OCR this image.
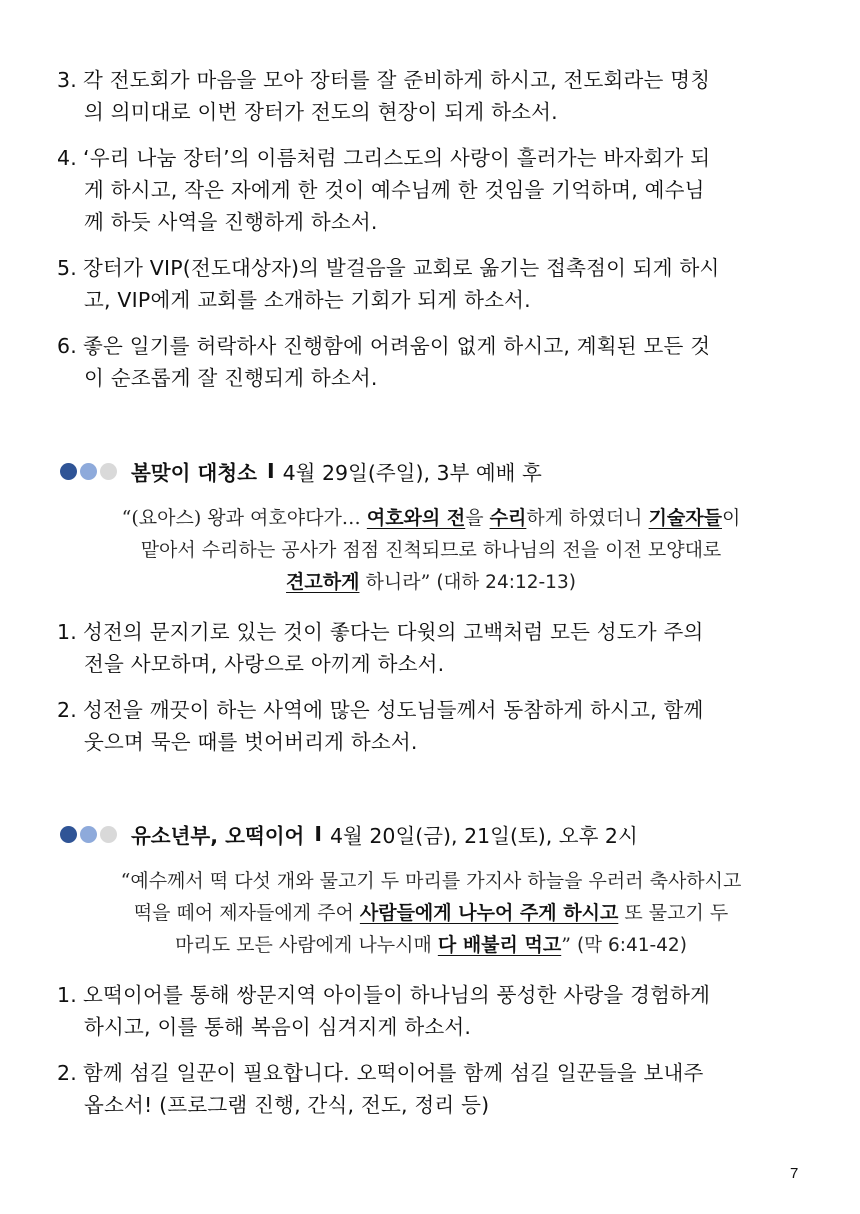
3. 각 전도회가 마음을 모아 장터를 잘 준비하게 하시고, 전도회라는 명칭
의 의미대로 이번 장터가 전도의 현장이 되게 하소서.
4. ‘우리 나눔 장터’의 이름처럼 그리스도의 사랑이 흘러가는 바자회가 되
게 하시고, 작은 자에게 한 것이 예수님께 한 것임을 기억하며, 예수님
께 하듯 사역을 진행하게 하소서.
5. 장터가 VIP(전도대상자)의 발걸음을 교회로 옮기는 접촉점이 되게 하시
고, VIP에게 교회를 소개하는 기회가 되게 하소서.
6. 좋은 일기를 허락하사 진행함에 어려움이 없게 하시고, 계획된 모든 것
이 순조롭게 잘 진행되게 하소서.
봄맞이 대청소 I 4월 29일(주일), 3부 예배 후
“(요아스) 왕과 여호야다가… 여호와의 전을 수리하게 하였더니 기술자들이
맡아서 수리하는 공사가 점점 진척되므로 하나님의 전을 이전 모양대로
견고하게 하니라” (대하 24:12-13)
1. 성전의 문지기로 있는 것이 좋다는 다윗의 고백처럼 모든 성도가 주의
전을 사모하며, 사랑으로 아끼게 하소서.
2. 성전을 깨끗이 하는 사역에 많은 성도님들께서 동참하게 하시고, 함께
웃으며 묵은 때를 벗어버리게 하소서.
유소년부, 오떡이어 I 4월 20일(금), 21일(토), 오후 2시
“예수께서 떡 다섯 개와 물고기 두 마리를 가지사 하늘을 우러러 축사하시고
떡을 떼어 제자들에게 주어 사람들에게 나누어 주게 하시고 또 물고기 두
마리도 모든 사람에게 나누시매 다 배불리 먹고” (막 6:41-42)
1. 오떡이어를 통해 쌍문지역 아이들이 하나님의 풍성한 사랑을 경험하게
하시고, 이를 통해 복음이 심겨지게 하소서.
2. 함께 섬길 일꾼이 필요합니다. 오떡이어를 함께 섬길 일꾼들을 보내주
옵소서! (프로그램 진행, 간식, 전도, 정리 등)
7
